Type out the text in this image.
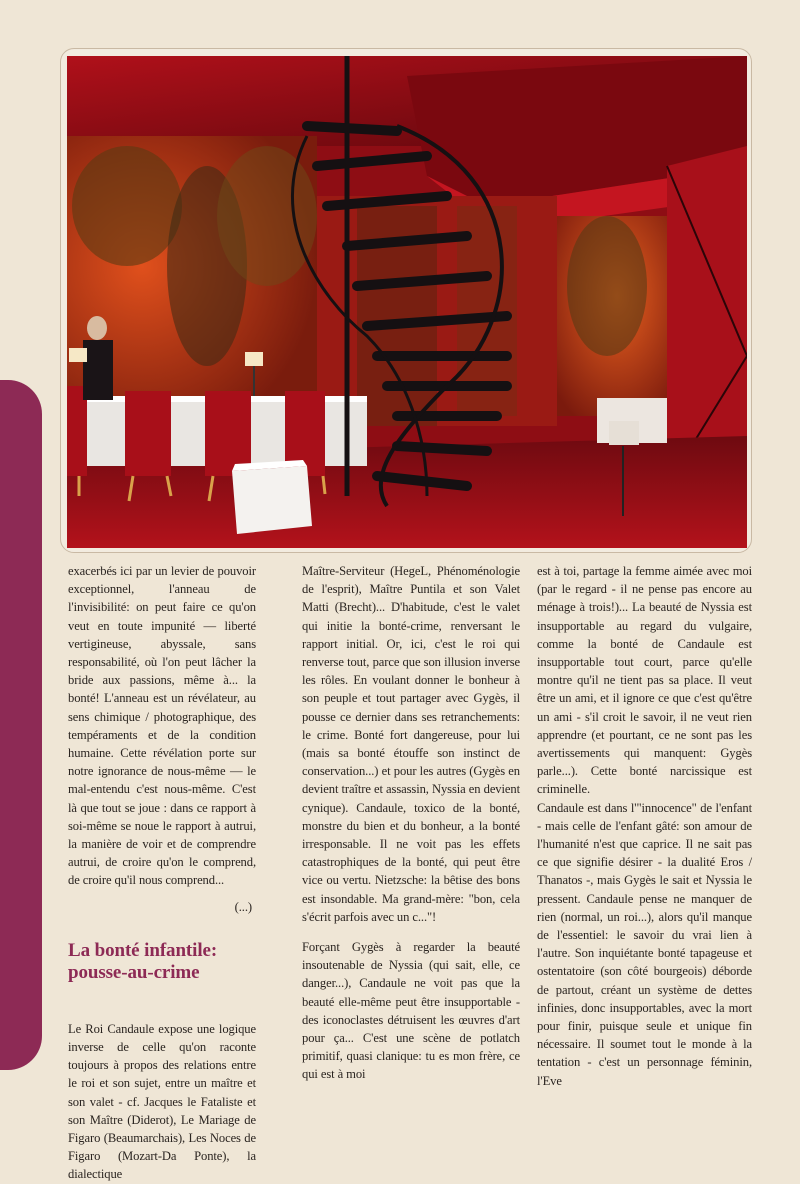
exacerbés ici par un levier de pouvoir exceptionnel, l'anneau de l'invisibilité: on peut faire ce qu'on veut en toute impunité — liberté vertigineuse, abyssale, sans responsabilité, où l'on peut lâcher la bride aux passions, même à... la bonté! L'anneau est un révélateur, au sens chimique / photographique, des tempéraments et de la condition humaine. Cette révélation porte sur notre ignorance de nous-même — le mal-entendu c'est nous-même. C'est là que tout se joue : dans ce rapport à soi-même se noue le rapport à autrui, la manière de voir et de comprendre autrui, de croire qu'on le comprend, de croire qu'il nous comprend...

(...)

La bonté infantile: pousse-au-crime

Le Roi Candaule expose une logique inverse de celle qu'on raconte toujours à propos des relations entre le roi et son sujet, entre un maître et son valet - cf. Jacques le Fataliste et son Maître (Diderot), Le Mariage de Figaro (Beaumarchais), Les Noces de Figaro (Mozart-Da Ponte), la dialectique

Maître-Serviteur (HegeL, Phénoménologie de l'esprit), Maître Puntila et son Valet Matti (Brecht)... D'habitude, c'est le valet qui initie la bonté-crime, renversant le rapport initial. Or, ici, c'est le roi qui renverse tout, parce que son illusion inverse les rôles. En voulant donner le bonheur à son peuple et tout partager avec Gygès, il pousse ce dernier dans ses retranchements: le crime. Bonté fort dangereuse, pour lui (mais sa bonté étouffe son instinct de conservation...) et pour les autres (Gygès en devient traître et assassin, Nyssia en devient cynique). Candaule, toxico de la bonté, monstre du bien et du bonheur, a la bonté irresponsable. Il ne voit pas les effets catastrophiques de la bonté, qui peut être vice ou vertu. Nietzsche: la bêtise des bons est insondable. Ma grand-mère: "bon, cela s'écrit parfois avec un c..."!

Forçant Gygès à regarder la beauté insoutenable de Nyssia (qui sait, elle, ce danger...), Candaule ne voit pas que la beauté elle-même peut être insupportable - des iconoclastes détruisent les œuvres d'art pour ça... C'est une scène de potlatch primitif, quasi clanique: tu es mon frère, ce qui est à moi

est à toi, partage la femme aimée avec moi (par le regard - il ne pense pas encore au ménage à trois!)... La beauté de Nyssia est insupportable au regard du vulgaire, comme la bonté de Candaule est insupportable tout court, parce qu'elle montre qu'il ne tient pas sa place. Il veut être un ami, et il ignore ce que c'est qu'être un ami - s'il croit le savoir, il ne veut rien apprendre (et pourtant, ce ne sont pas les avertissements qui manquent: Gygès parle...). Cette bonté narcissique est criminelle.

Candaule est dans l'"innocence" de l'enfant - mais celle de l'enfant gâté: son amour de l'humanité n'est que caprice. Il ne sait pas ce que signifie désirer - la dualité Eros / Thanatos -, mais Gygès le sait et Nyssia le pressent. Candaule pense ne manquer de rien (normal, un roi...), alors qu'il manque de l'essentiel: le savoir du vrai lien à l'autre. Son inquiétante bonté tapageuse et ostentatoire (son côté bourgeois) déborde de partout, créant un système de dettes infinies, donc insupportables, avec la mort pour finir, puisque seule et unique fin nécessaire. Il soumet tout le monde à la tentation - c'est un personnage féminin, l'Eve
